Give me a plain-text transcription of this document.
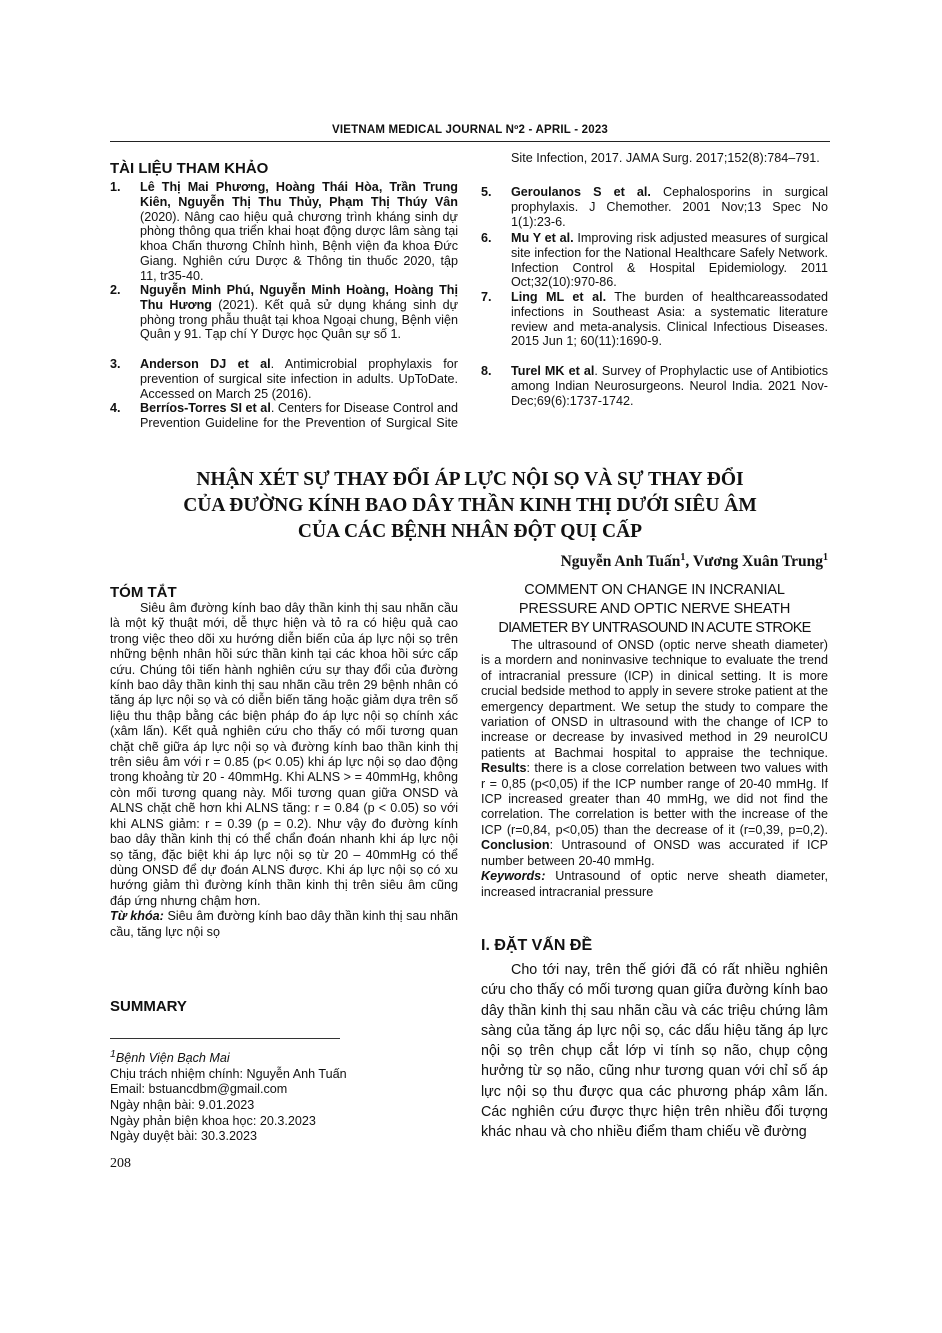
VIETNAM MEDICAL JOURNAL Nº2 - APRIL - 2023
TÀI LIỆU THAM KHẢO
1. Lê Thị Mai Phương, Hoàng Thái Hòa, Trần Trung Kiên, Nguyễn Thị Thu Thủy, Phạm Thị Thúy Vân (2020). Nâng cao hiệu quả chương trình kháng sinh dự phòng thông qua triển khai hoạt động dược lâm sàng tại khoa Chấn thương Chỉnh hình, Bệnh viện đa khoa Đức Giang. Nghiên cứu Dược & Thông tin thuốc 2020, tập 11, tr35-40.
2. Nguyễn Minh Phú, Nguyễn Minh Hoàng, Hoàng Thị Thu Hương (2021). Kết quả sử dụng kháng sinh dự phòng trong phẫu thuật tại khoa Ngoại chung, Bệnh viện Quân y 91. Tạp chí Y Dược học Quân sự số 1.
3. Anderson DJ et al. Antimicrobial prophylaxis for prevention of surgical site infection in adults. UpToDate. Accessed on March 25 (2016).
4. Berríos-Torres SI et al. Centers for Disease Control and Prevention Guideline for the Prevention of Surgical Site
Site Infection, 2017. JAMA Surg. 2017;152(8):784–791.
5. Geroulanos S et al. Cephalosporins in surgical prophylaxis. J Chemother. 2001 Nov;13 Spec No 1(1):23-6.
6. Mu Y et al. Improving risk adjusted measures of surgical site infection for the National Healthcare Safely Network. Infection Control & Hospital Epidemiology. 2011 Oct;32(10):970-86.
7. Ling ML et al. The burden of healthcareassodated infections in Southeast Asia: a systematic literature review and meta-analysis. Clinical Infectious Diseases. 2015 Jun 1; 60(11):1690-9.
8. Turel MK et al. Survey of Prophylactic use of Antibiotics among Indian Neurosurgeons. Neurol India. 2021 Nov-Dec;69(6):1737-1742.
NHẬN XÉT SỰ THAY ĐỔI ÁP LỰC NỘI SỌ VÀ SỰ THAY ĐỔI
CỦA ĐƯỜNG KÍNH BAO DÂY THẦN KINH THỊ DƯỚI SIÊU ÂM
CỦA CÁC BỆNH NHÂN ĐỘT QUỊ CẤP
Nguyễn Anh Tuấn$^1$, Vương Xuân Trung$^1$
TÓM TẮT
Siêu âm đường kính bao dây thần kinh thị sau nhãn cầu là một kỹ thuật mới, dễ thực hiện và tỏ ra có hiệu quả cao trong việc theo dõi xu hướng diễn biến của áp lực nội sọ trên những bệnh nhân hồi sức thần kinh tại các khoa hồi sức cấp cứu. Chúng tôi tiến hành nghiên cứu sự thay đổi của đường kính bao dây thần kinh thị sau nhãn cầu trên 29 bệnh nhân có tăng áp lực nội sọ và có diễn biến tăng hoặc giảm dựa trên số liệu thu thập bằng các biện pháp đo áp lực nội sọ chính xác (xâm lấn). Kết quả nghiên cứu cho thấy có mối tương quan chặt chẽ giữa áp lực nội sọ và đường kính bao thần kinh thị trên siêu âm với r = 0.85 (p< 0.05) khi áp lực nội sọ dao động trong khoảng từ 20 - 40mmHg. Khi ALNS > = 40mmHg, không còn mối tương quang này. Mối tương quan giữa ONSD và ALNS chặt chẽ hơn khi ALNS tăng: r = 0.84 (p < 0.05) so với khi ALNS giảm: r = 0.39 (p = 0.2). Như vậy đo đường kính bao dây thần kinh thị có thể chẩn đoán nhanh khi áp lực nội sọ tăng, đặc biệt khi áp lực nội sọ từ 20 – 40mmHg có thể dùng ONSD để dự đoán ALNS được. Khi áp lực nội sọ có xu hướng giảm thì đường kính thần kinh thị trên siêu âm cũng đáp ứng nhưng chậm hơn.
Từ khóa: Siêu âm đường kính bao dây thần kinh thị sau nhãn cầu, tăng lực nội sọ
SUMMARY
$^1$Bệnh Viện Bạch Mai
Chịu trách nhiệm chính: Nguyễn Anh Tuấn
Email: bstuancdbm@gmail.com
Ngày nhận bài: 9.01.2023
Ngày phản biện khoa học: 20.3.2023
Ngày duyệt bài: 30.3.2023
208
COMMENT ON CHANGE IN INCRANIAL
PRESSURE AND OPTIC NERVE SHEATH
DIAMETER BY UNTRASOUND IN ACUTE STROKE
The ultrasound of ONSD (optic nerve sheath diameter) is a mordern and noninvasive technique to evaluate the trend of intracranial pressure (ICP) in dinical setting. It is more crucial bedside method to apply in severe stroke patient at the emergency department. We setup the study to compare the variation of ONSD in ultrasound with the change of ICP to increase or decrease by invasived method in 29 neuroICU patients at Bachmai hospital to appraise the technique. Results: there is a close correlation between two values with r = 0,85 (p<0,05) if the ICP number range of 20-40 mmHg. If ICP increased greater than 40 mmHg, we did not find the correlation. The correlation is better with the increase of the ICP (r=0,84, p<0,05) than the decrease of it (r=0,39, p=0,2). Conclusion: Untrasound of ONSD was accurated if ICP number between 20-40 mmHg.
Keywords: Untrasound of optic nerve sheath diameter, increased intracranial pressure
I. ĐẶT VẤN ĐỀ
Cho tới nay, trên thế giới đã có rất nhiều nghiên cứu cho thấy có mối tương quan giữa đường kính bao dây thần kinh thị sau nhãn cầu và các triệu chứng lâm sàng của tăng áp lực nội sọ, các dấu hiệu tăng áp lực nội sọ trên chụp cắt lớp vi tính sọ não, chụp cộng hưởng từ sọ não, cũng như tương quan với chỉ số áp lực nội sọ thu được qua các phương pháp xâm lấn. Các nghiên cứu được thực hiện trên nhiều đối tượng khác nhau và cho nhiều điểm tham chiếu về đường
